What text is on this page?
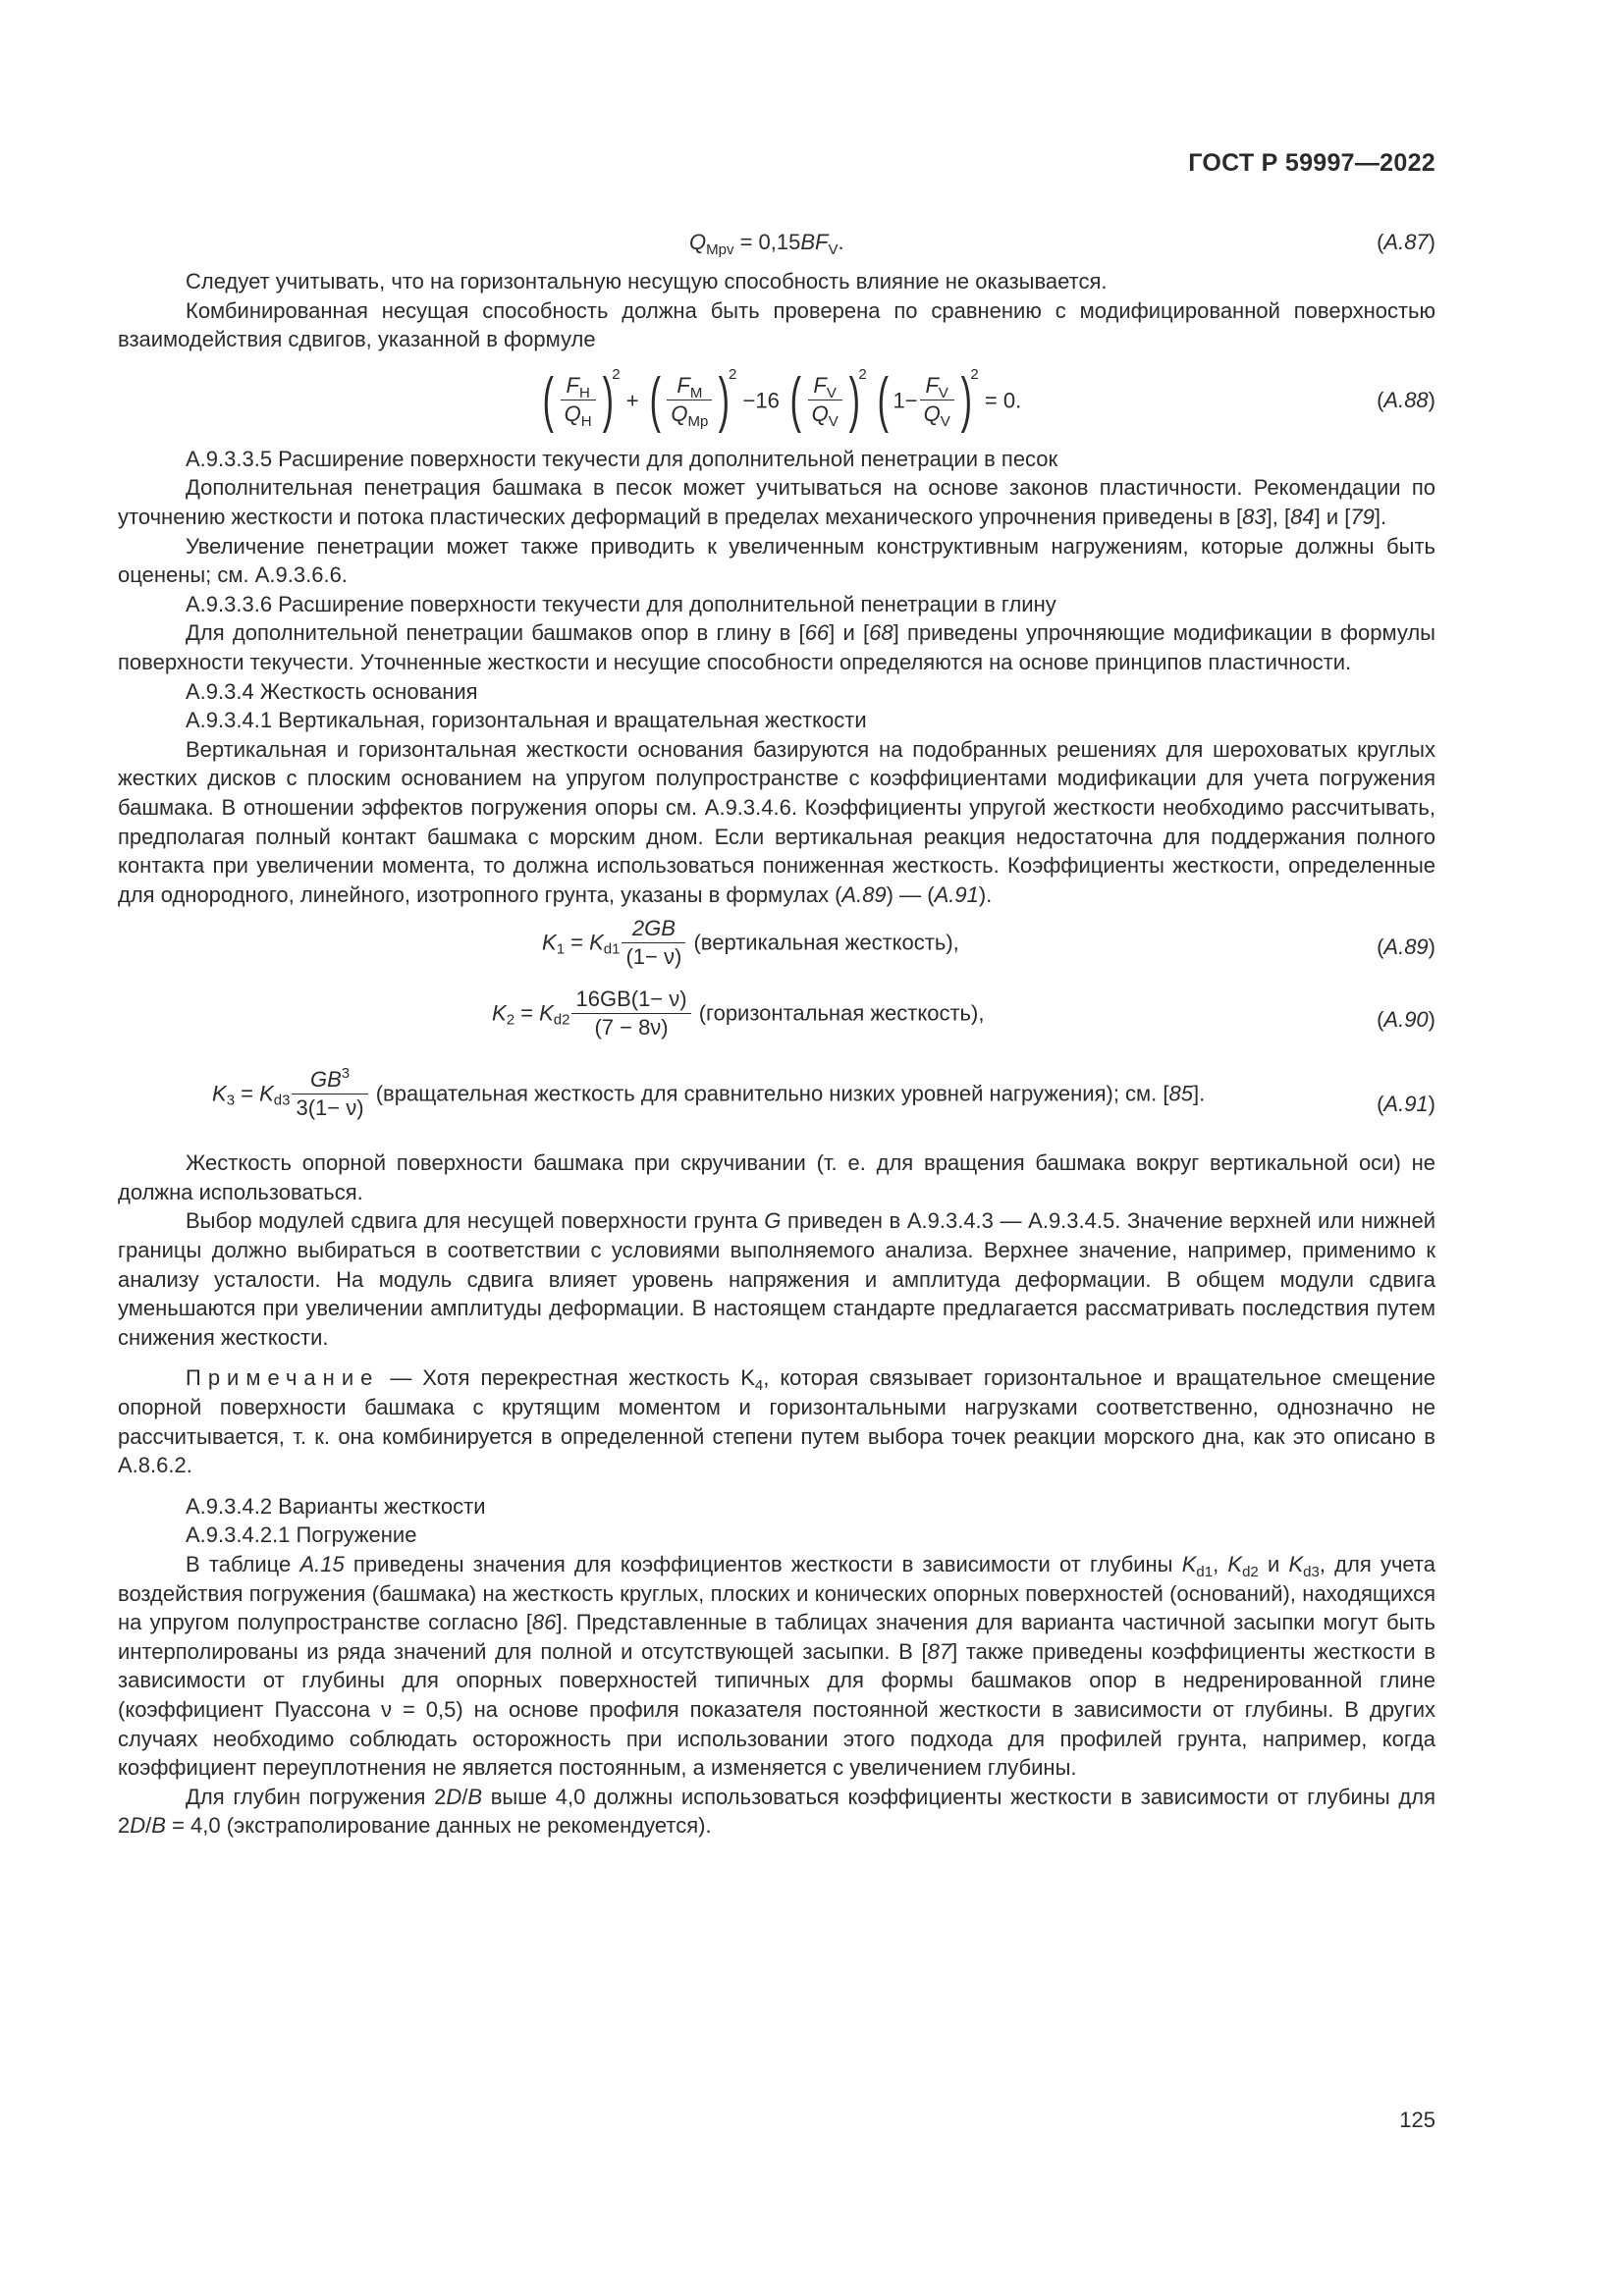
ГОСТ Р 59997—2022
$Q_{Mpv} = 0,15BF_V$.	(A.87)

Следует учитывать, что на горизонтальную несущую способность влияние не оказывается.

Комбинированная несущая способность должна быть проверена по сравнению с модифицированной поверхностью взаимодействия сдвигов, указанной в формуле

( $\frac{F_H}{Q_H} )^2$ + ( $\frac{F_M}{Q_{Mp}} )^2 -16$ ( $\frac{F_V}{Q_V} )^2$ ( $1- \frac{F_V}{Q_V} )^2 = 0$.	(A.88)

А.9.3.3.5 Расширение поверхности текучести для дополнительной пенетрации в песок

Дополнительная пенетрация башмака в песок может учитываться на основе законов пластичности. Рекомендации по уточнению жесткости и потока пластических деформаций в пределах механического упрочнения приведены в [83], [84] и [79].

Увеличение пенетрации может также приводить к увеличенным конструктивным нагружениям, которые должны быть оценены; см. А.9.3.6.6.

А.9.3.3.6 Расширение поверхности текучести для дополнительной пенетрации в глину

Для дополнительной пенетрации башмаков опор в глину в [66] и [68] приведены упрочняющие модификации в формулы поверхности текучести. Уточненные жесткости и несущие способности определяются на основе принципов пластичности.

А.9.3.4 Жесткость основания

А.9.3.4.1 Вертикальная, горизонтальная и вращательная жесткости

Вертикальная и горизонтальная жесткости основания базируются на подобранных решениях для шероховатых круглых жестких дисков с плоским основанием на упругом полупространстве с коэффициентами модификации для учета погружения башмака. В отношении эффектов погружения опоры см. А.9.3.4.6. Коэффициенты упругой жесткости необходимо рассчитывать, предполагая полный контакт башмака с морским дном. Если вертикальная реакция недостаточна для поддержания полного контакта при увеличении момента, то должна использоваться пониженная жесткость. Коэффициенты жесткости, определенные для однородного, линейного, изотропного грунта, указаны в формулах (A.89) — (A.91).

$K_1 = K_{d1} \frac{2GB}{(1- \nu)}$ (вертикальная жесткость),	(A.89)
$K_2 = K_{d2} \frac{16GB(1- \nu)}{(7 - 8\nu)}$ (горизонтальная жесткость),	(A.90)
$K_3 = K_{d3} \frac{GB^3}{3(1- \nu)}$ (вращательная жесткость для сравнительно низких уровней нагружения); см. [85].	(A.91)

Жесткость опорной поверхности башмака при скручивании (т. е. для вращения башмака вокруг вертикальной оси) не должна использоваться.

Выбор модулей сдвига для несущей поверхности грунта G приведен в А.9.3.4.3 — А.9.3.4.5. Значение верхней или нижней границы должно выбираться в соответствии с условиями выполняемого анализа. Верхнее значение, например, применимо к анализу усталости. На модуль сдвига влияет уровень напряжения и амплитуда деформации. В общем модули сдвига уменьшаются при увеличении амплитуды деформации. В настоящем стандарте предлагается рассматривать последствия путем снижения жесткости.

Примечание — Хотя перекрестная жесткость $K_4$, которая связывает горизонтальное и вращательное смещение опорной поверхности башмака с крутящим моментом и горизонтальными нагрузками соответственно, однозначно не рассчитывается, т. к. она комбинируется в определенной степени путем выбора точек реакции морского дна, как это описано в А.8.6.2.

А.9.3.4.2 Варианты жесткости

А.9.3.4.2.1 Погружение

В таблице A.15 приведены значения для коэффициентов жесткости в зависимости от глубины $K_{d1}$, $K_{d2}$ и $K_{d3}$, для учета воздействия погружения (башмака) на жесткость круглых, плоских и конических опорных поверхностей (оснований), находящихся на упругом полупространстве согласно [86]. Представленные в таблицах значения для варианта частичной засыпки могут быть интерполированы из ряда значений для полной и отсутствующей засыпки. В [87] также приведены коэффициенты жесткости в зависимости от глубины для опорных поверхностей типичных для формы башмаков опор в недренированной глине (коэффициент Пуассона ν = 0,5) на основе профиля показателя постоянной жесткости в зависимости от глубины. В других случаях необходимо соблюдать осторожность при использовании этого подхода для профилей грунта, например, когда коэффициент переуплотнения не является постоянным, а изменяется с увеличением глубины.

Для глубин погружения 2D/B выше 4,0 должны использоваться коэффициенты жесткости в зависимости от глубины для 2D/B = 4,0 (экстраполирование данных не рекомендуется).

125
